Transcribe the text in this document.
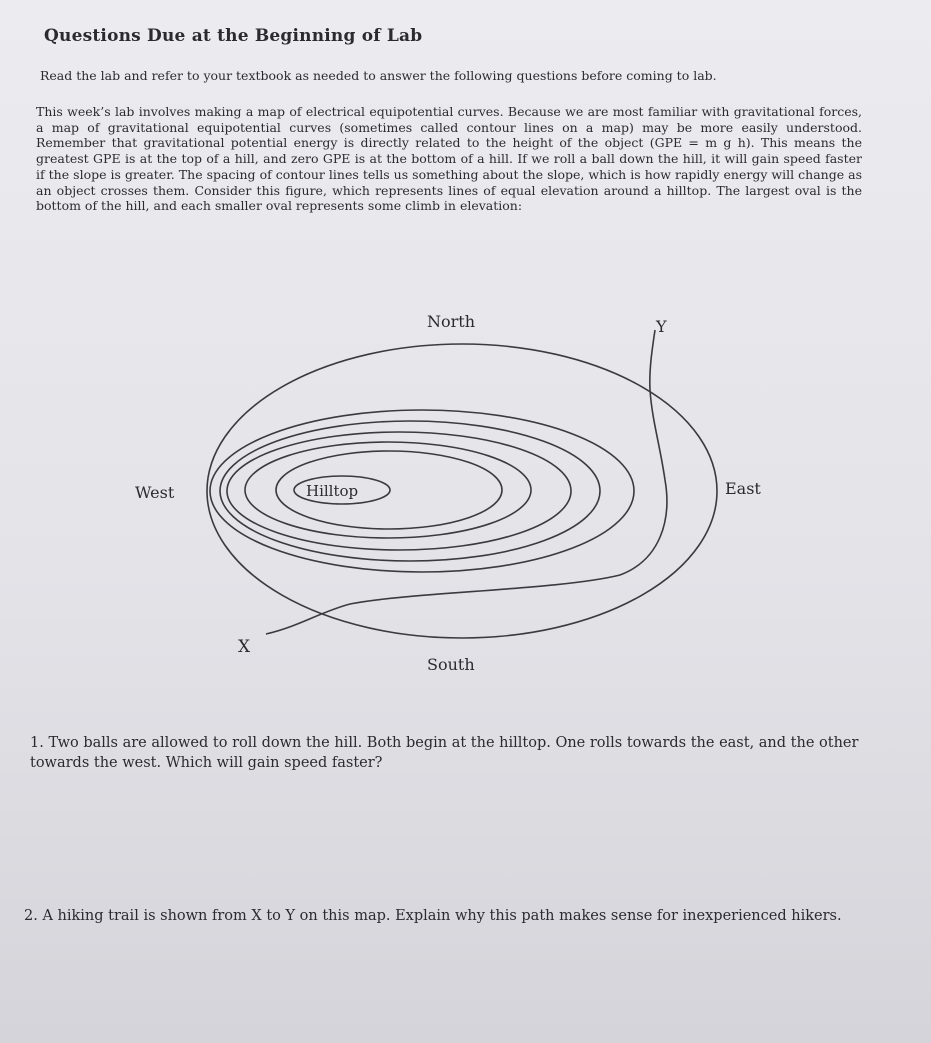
Questions Due at the Beginning of Lab
Read the lab and refer to your textbook as needed to answer the following questions before coming to lab.
This week’s lab involves making a map of electrical equipotential curves. Because we are most familiar with gravitational forces, a map of gravitational equipotential curves (sometimes called contour lines on a map) may be more easily understood. Remember that gravitational potential energy is directly related to the height of the object (GPE = m g h). This means the greatest GPE is at the top of a hill, and zero GPE is at the bottom of a hill. If we roll a ball down the hill, it will gain speed faster if the slope is greater. The spacing of contour lines tells us something about the slope, which is how rapidly energy will change as an object crosses them. Consider this figure, which represents lines of equal elevation around a hilltop. The largest oval is the bottom of the hill, and each smaller oval represents some climb in elevation:
North
South
West	East
Hilltop
X
Y
1. Two balls are allowed to roll down the hill. Both begin at the hilltop. One rolls towards the east, and the other towards the west. Which will gain speed faster?
2. A hiking trail is shown from X to Y on this map. Explain why this path makes sense for inexperienced hikers.
